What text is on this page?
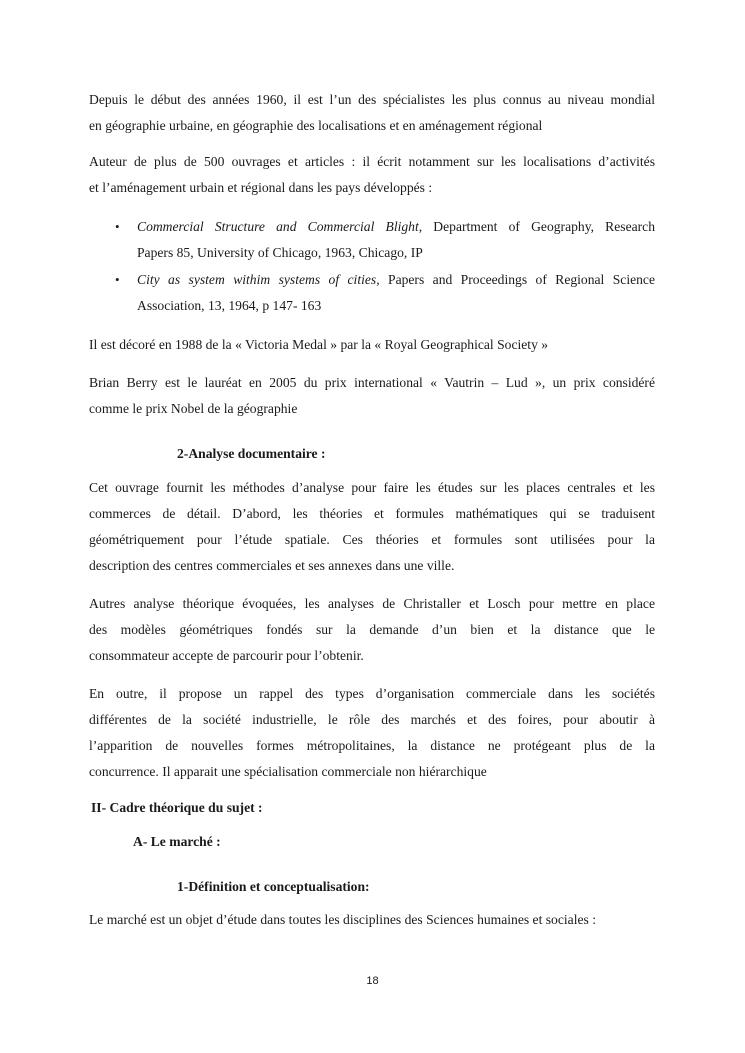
Depuis le début des années 1960, il est l’un des spécialistes les plus connus au niveau mondial
en géographie urbaine, en géographie des localisations et en aménagement régional

Auteur de plus de 500 ouvrages et articles : il écrit notamment sur les localisations d’activités
et l’aménagement urbain et régional dans les pays développés :

• Commercial Structure and Commercial Blight, Department of Geography, Research
Papers 85, University of Chicago, 1963, Chicago, IP

• City as system withim systems of cities, Papers and Proceedings of Regional Science
Association, 13, 1964, p 147- 163

Il est décoré en 1988 de la « Victoria Medal » par la « Royal Geographical Society »

Brian Berry est le lauréat en 2005 du prix international « Vautrin – Lud », un prix considéré
comme le prix Nobel de la géographie

2-Analyse documentaire :

Cet ouvrage fournit les méthodes d’analyse pour faire les études sur les places centrales et les
commerces de détail. D’abord, les théories et formules mathématiques qui se traduisent
géométriquement pour l’étude spatiale. Ces théories et formules sont utilisées pour la
description des centres commerciales et ses annexes dans une ville.

Autres analyse théorique évoquées, les analyses de Christaller et Losch pour mettre en place
des modèles géométriques fondés sur la demande d’un bien et la distance que le
consommateur accepte de parcourir pour l’obtenir.

En outre, il propose un rappel des types d’organisation commerciale dans les sociétés
différentes de la société industrielle, le rôle des marchés et des foires, pour aboutir à
l’apparition de nouvelles formes métropolitaines, la distance ne protégeant plus de la
concurrence. Il apparait une spécialisation commerciale non hiérarchique

II- Cadre théorique du sujet :

A- Le marché :

1-Définition et conceptualisation:

Le marché est un objet d’étude dans toutes les disciplines des Sciences humaines et sociales :

18
